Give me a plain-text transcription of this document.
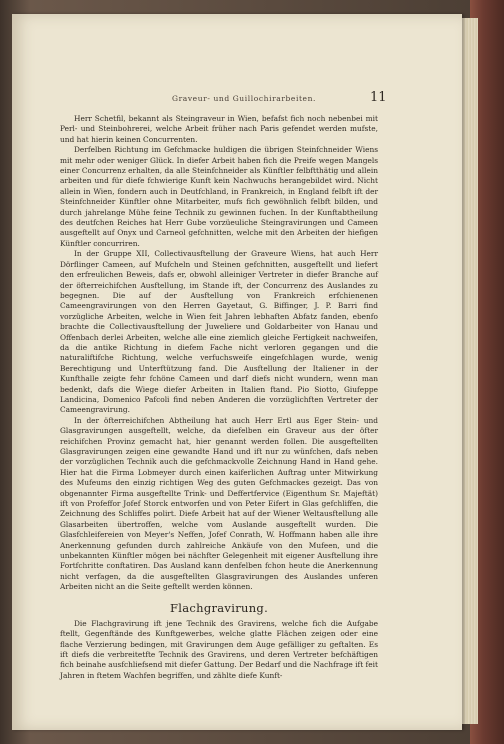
Graveur- und Guillochirarbeiten.	11

Herr Schetfil, bekannt als Steingraveur in Wien, befafst fich noch nebenbei mit Perl- und Steinbohrerei, welche Arbeit früher nach Paris gefendet werden mufste, und hat hierin keinen Concurrenten.

Derfelben Richtung im Gefchmacke huldigen die übrigen Steinfchneider Wiens mit mehr oder weniger Glück. In diefer Arbeit haben fich die Preife wegen Mangels einer Concurrenz erhalten, da alle Steinfchneider als Künftler felbftthätig und allein arbeiten und für diefe fchwierige Kunft kein Nachwuchs herangebildet wird. Nicht allein in Wien, fondern auch in Deutfchland, in Frankreich, in England felbft ift der Steinfchneider Künftler ohne Mitarbeiter, mufs fich gewöhnlich felbft bilden, und durch jahrelange Mühe feine Technik zu gewinnen fuchen. In der Kunftabtheilung des deutfchen Reiches hat Herr Gube vorzüeuliche Steingravirungen und Cameen ausgeftellt auf Onyx und Carneol gefchnitten, welche mit den Arbeiten der hiefigen Künftler concurriren.

In der Gruppe XII, Collectivausftellung der Graveure Wiens, hat auch Herr Dörflinger Cameen, auf Mufcheln und Steinen gefchnitten, ausgeftellt und liefert den erfreulichen Beweis, dafs er, obwohl alleiniger Vertreter in diefer Branche auf der öfterreichifchen Ausftellung, im Stande ift, der Concurrenz des Auslandes zu begegnen. Die auf der Ausftellung von Frankreich erfchienenen Cameengravirungen von den Herren Gayetaut, G. Biffinger, J. P. Barri find vorzügliche Arbeiten, welche in Wien feit Jahren lebhaften Abfatz fanden, ebenfo brachte die Collectivausftellung der Juweliere und Goldarbeiter von Hanau und Offenbach derlei Arbeiten, welche alle eine ziemlich gleiche Fertigkeit nachweifen, da die antike Richtung in diefem Fache nicht verloren gegangen und die naturaliftifche Richtung, welche verfuchsweife eingefchlagen wurde, wenig Berechtigung und Unterftützung fand. Die Ausftellung der Italiener in der Kunfthalle zeigte fehr fchöne Cameen und darf diefs nicht wundern, wenn man bedenkt, dafs die Wiege diefer Arbeiten in Italien ftand. Pio Siotto, Giufeppe Landicina, Domenico Pafcoli find neben Anderen die vorzüglichften Vertreter der Cameengravirung.

In der öfterreichifchen Abtheilung hat auch Herr Ertl aus Eger Stein- und Glasgravirungen ausgeftellt, welche, da diefelben ein Graveur aus der öfter reichifchen Provinz gemacht hat, hier genannt werden follen. Die ausgeftellten Glasgravirungen zeigen eine gewandte Hand und ift nur zu wünfchen, dafs neben der vorzüglichen Technik auch die gefchmackvolle Zeichnung Hand in Hand gehe. Hier hat die Firma Lobmeyer durch einen kaiferlichen Auftrag unter Mitwirkung des Mufeums den einzig richtigen Weg des guten Gefchmackes gezeigt. Das von obgenannter Firma ausgeftellte Trink- und Deffertfervice (Eigenthum Sr. Majeftät) ift von Profeffor Jofef Storck entworfen und von Peter Eifert in Glas gefchliffen, die Zeichnung des Schliffes polirt. Diefe Arbeit hat auf der Wiener Weltausftellung alle Glasarbeiten übertroffen, welche vom Auslande ausgeftellt wurden. Die Glasfchleifereien von Meyer's Neffen, Jofef Conrath, W. Hoffmann haben alle ihre Anerkennung gefunden durch zahlreiche Ankäufe von den Mufeen, und die unbekannten Künftler mögen bei nächfter Gelegenheit mit eigener Ausftellung ihre Fortfchritte conftatiren. Das Ausland kann denfelben fchon heute die Anerkennung nicht verfagen, da die ausgeftellten Glasgravirungen des Auslandes unferen Arbeiten nicht an die Seite geftellt werden können.

Flachgravirung.

Die Flachgravirung ift jene Technik des Gravirens, welche fich die Aufgabe ftellt, Gegenftände des Kunftgewerbes, welche glatte Flächen zeigen oder eine flache Verzierung bedingen, mit Gravirungen dem Auge gefälliger zu geftalten. Es ift diefs die verbreitetfte Technik des Gravirens, und deren Vertreter befchäftigen fich beinahe ausfchliefsend mit diefer Gattung. Der Bedarf und die Nachfrage ift feit Jahren in ftetem Wachfen begriffen, und zählte diefe Kunft-
